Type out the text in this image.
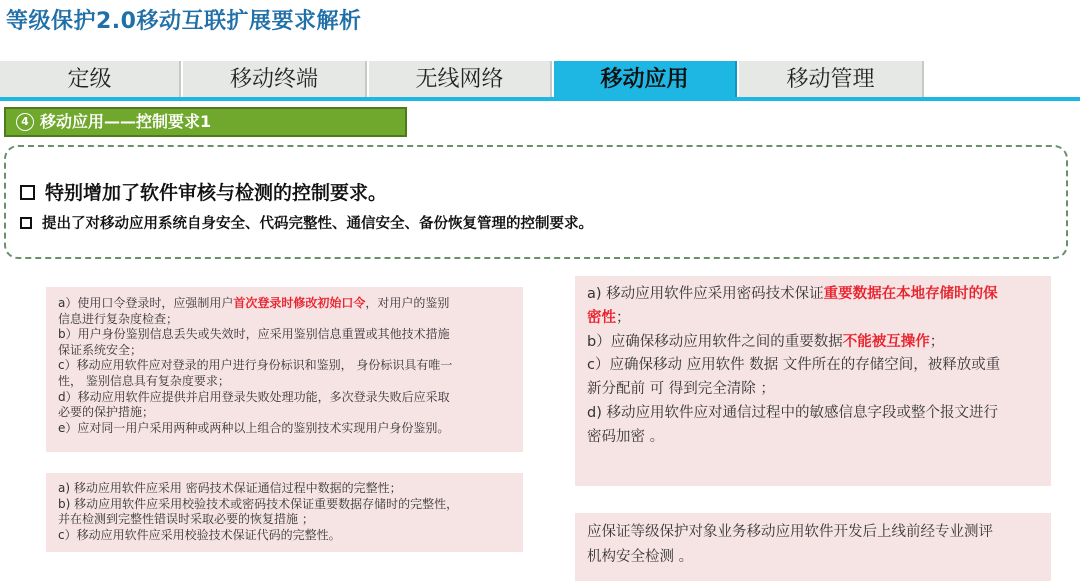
等级保护2.0移动互联扩展要求解析
定级	移动终端	无线网络	移动应用	移动管理
4 移动应用——控制要求1
特别增加了软件审核与检测的控制要求。
提出了对移动应用系统自身安全、代码完整性、通信安全、备份恢复管理的控制要求。
a）使用口令登录时，应强制用户首次登录时修改初始口令，对用户的鉴别
信息进行复杂度检查；
b）用户身份鉴别信息丢失或失效时，应采用鉴别信息重置或其他技术措施
保证系统安全；
c）移动应用软件应对登录的用户进行身份标识和鉴别， 身份标识具有唯一
性， 鉴别信息具有复杂度要求；
d）移动应用软件应提供并启用登录失败处理功能，多次登录失败后应采取
必要的保护措施；
e）应对同一用户采用两种或两种以上组合的鉴别技术实现用户身份鉴别。
a) 移动应用软件应采用 密码技术保证通信过程中数据的完整性；
b) 移动应用软件应采用校验技术或密码技术保证重要数据存储时的完整性，
并在检测到完整性错误时采取必要的恢复措施 ；
c）移动应用软件应采用校验技术保证代码的完整性。
a) 移动应用软件应采用密码技术保证重要数据在本地存储时的保
密性；
b）应确保移动应用软件之间的重要数据不能被互操作；
c）应确保移动 应用软件 数据 文件所在的存储空间，被释放或重
新分配前 可 得到完全清除 ；
d) 移动应用软件应对通信过程中的敏感信息字段或整个报文进行
密码加密 。
应保证等级保护对象业务移动应用软件开发后上线前经专业测评
机构安全检测 。
